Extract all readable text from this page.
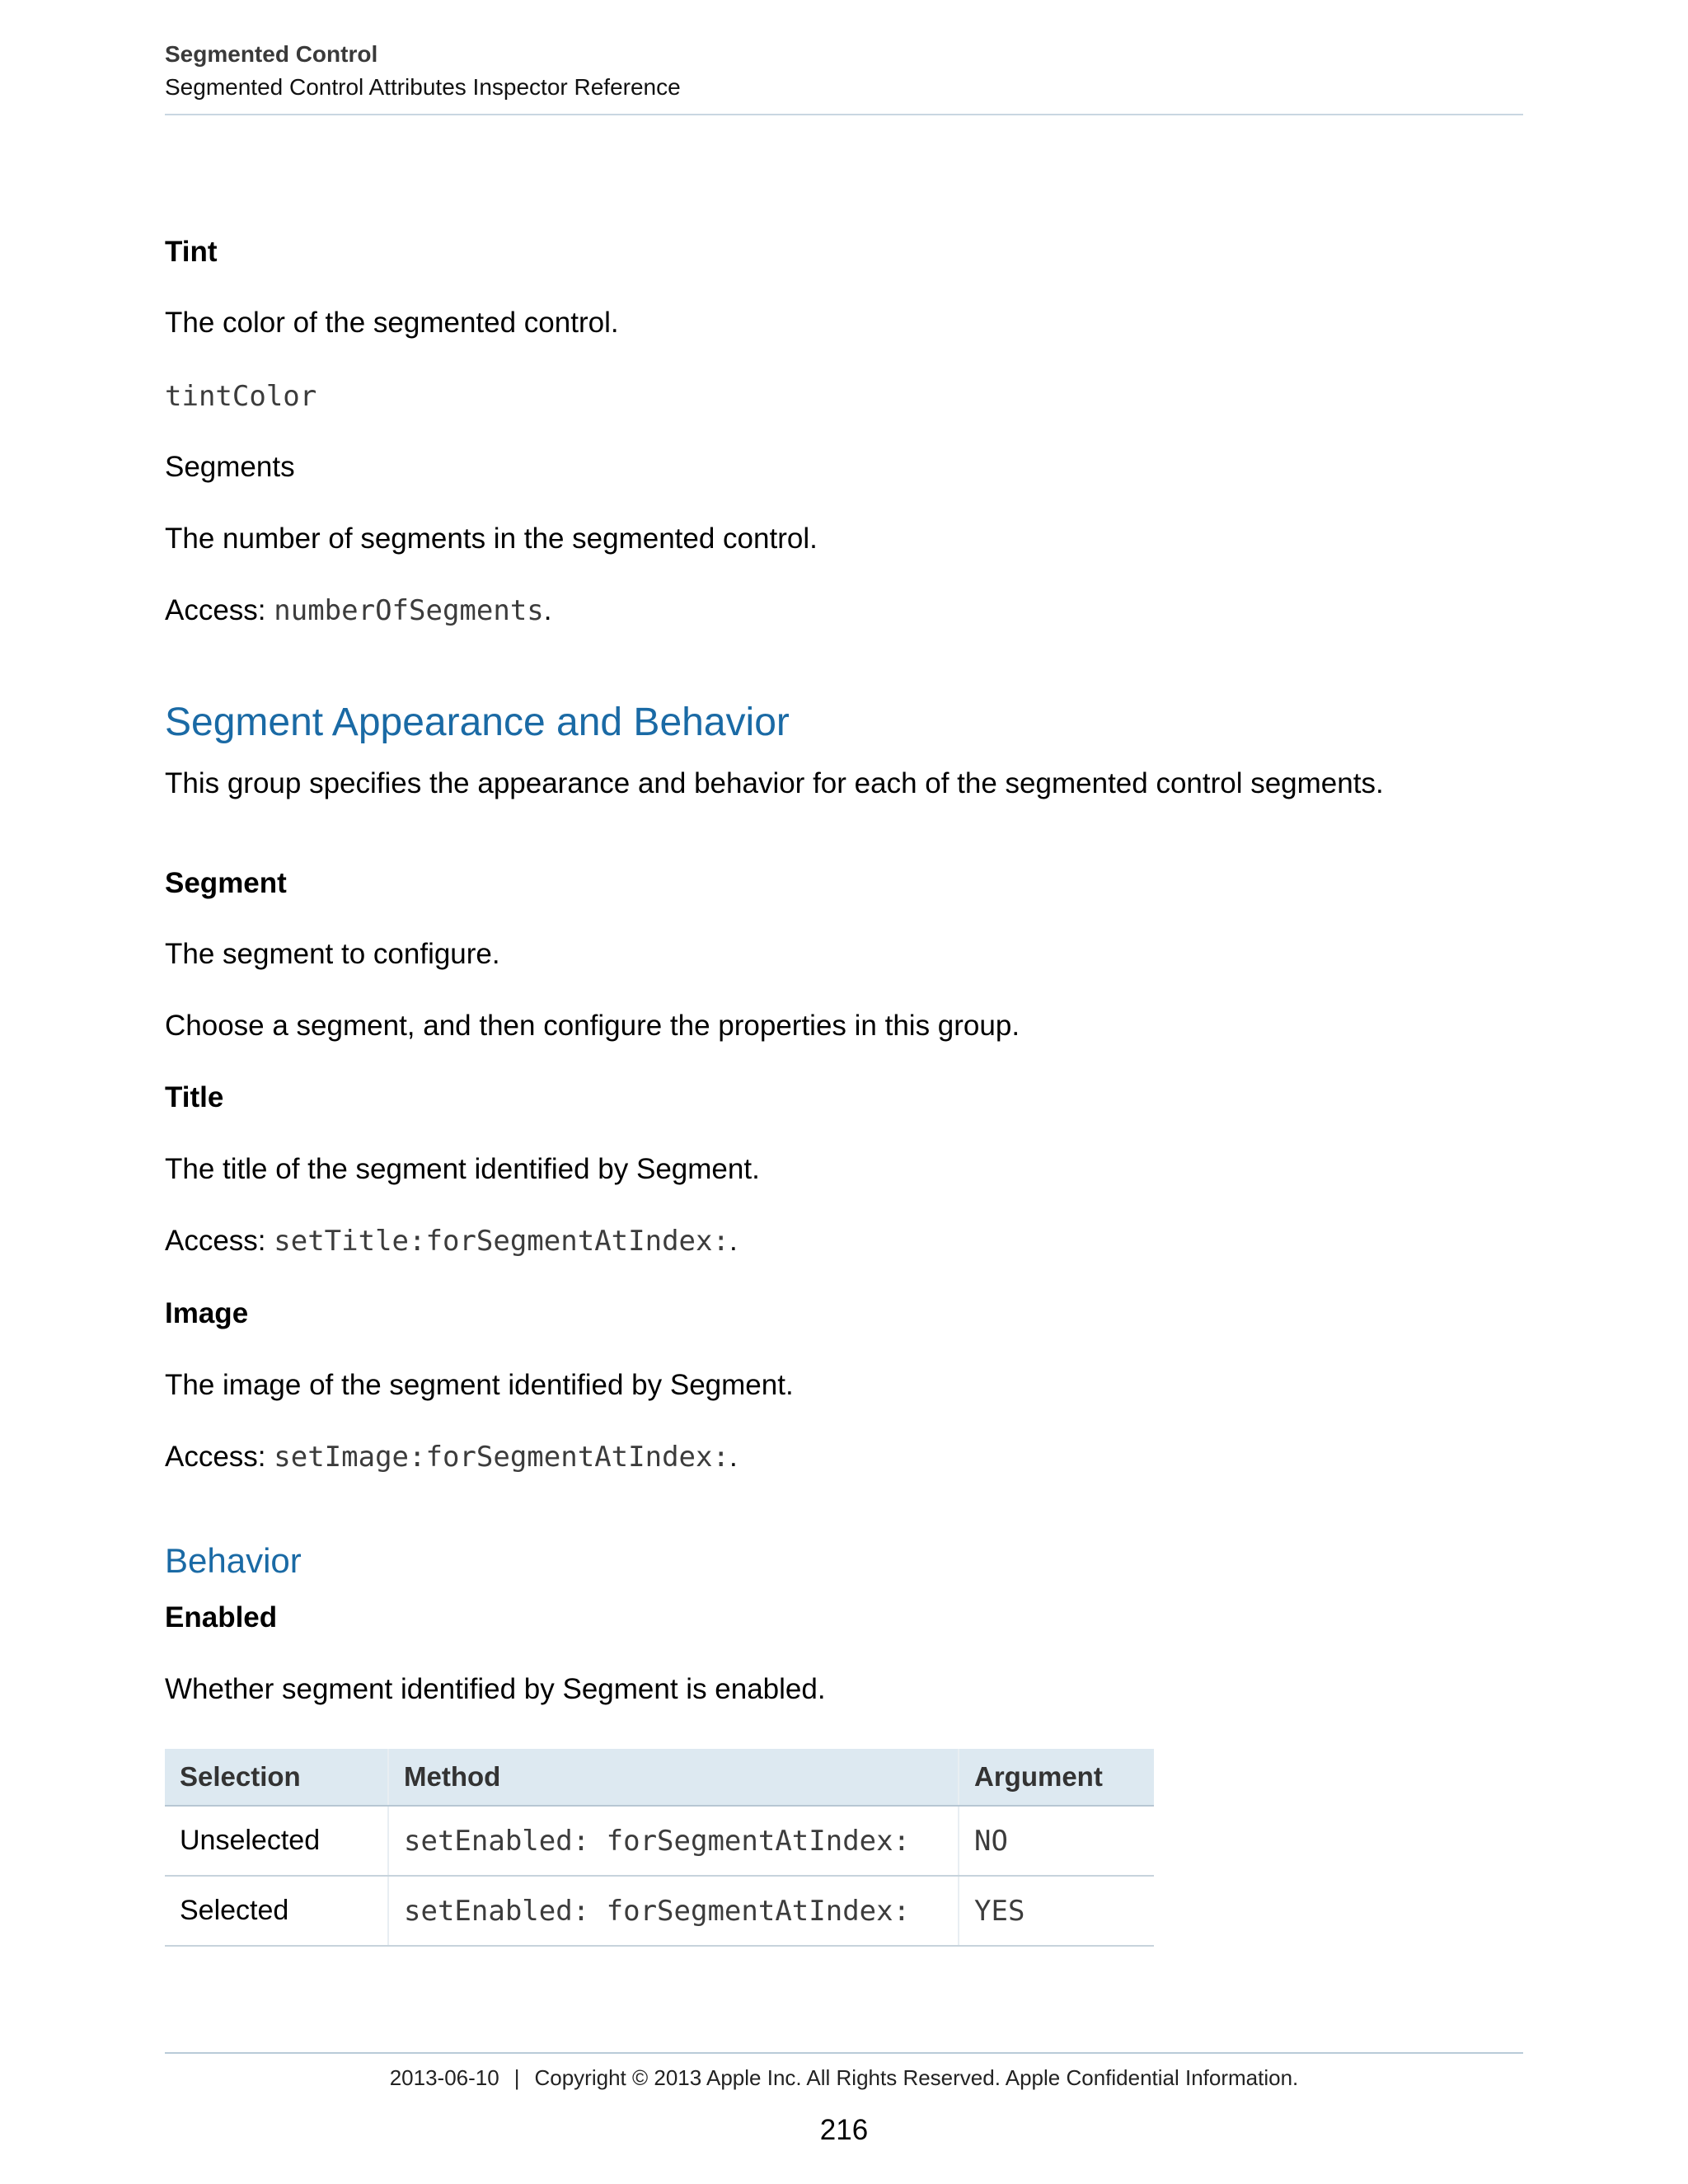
Segmented Control
Segmented Control Attributes Inspector Reference
Tint
The color of the segmented control.
tintColor
Segments
The number of segments in the segmented control.
Access: numberOfSegments.
Segment Appearance and Behavior
This group specifies the appearance and behavior for each of the segmented control segments.
Segment
The segment to configure.
Choose a segment, and then configure the properties in this group.
Title
The title of the segment identified by Segment.
Access: setTitle:forSegmentAtIndex:.
Image
The image of the segment identified by Segment.
Access: setImage:forSegmentAtIndex:.
Behavior
Enabled
Whether segment identified by Segment is enabled.
Selection	Method	Argument
Unselected	setEnabled: forSegmentAtIndex:	NO
Selected	setEnabled: forSegmentAtIndex:	YES
2013-06-10 | Copyright © 2013 Apple Inc. All Rights Reserved. Apple Confidential Information.
216
